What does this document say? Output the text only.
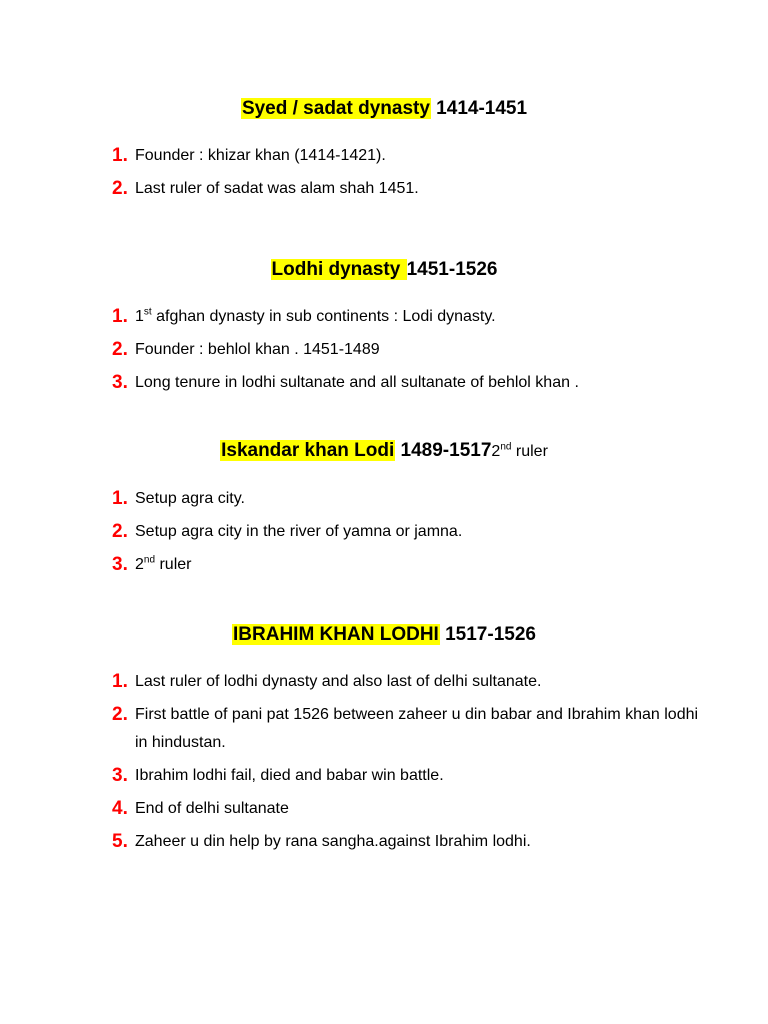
Syed / sadat dynasty 1414-1451
1. Founder : khizar khan (1414-1421).
2. Last ruler of sadat was alam shah 1451.
Lodhi dynasty 1451-1526
1. 1st afghan dynasty in sub continents : Lodi dynasty.
2. Founder : behlol khan . 1451-1489
3. Long tenure in lodhi sultanate and all sultanate of behlol khan .
Iskandar khan Lodi 1489-15172nd ruler
1. Setup agra city.
2. Setup agra city in the river of yamna or jamna.
3. 2nd ruler
IBRAHIM KHAN LODHI 1517-1526
1. Last ruler of lodhi dynasty and also last of delhi sultanate.
2. First battle of pani pat 1526 between zaheer u din babar and Ibrahim khan lodhi in hindustan.
3. Ibrahim lodhi fail, died and babar win battle.
4. End of delhi sultanate
5. Zaheer u din help by rana sangha.against Ibrahim lodhi.
